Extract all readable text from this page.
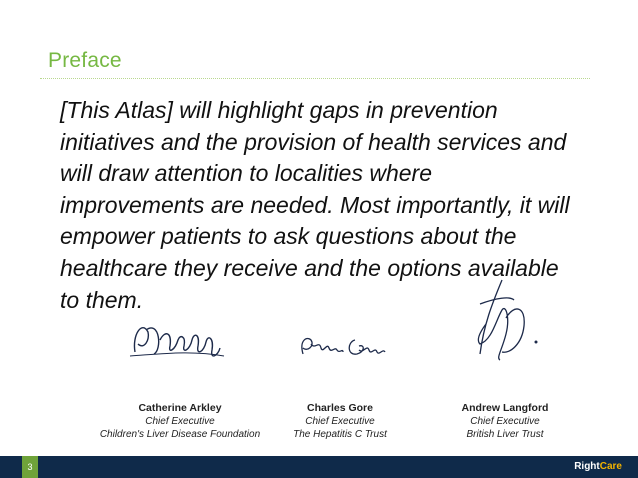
Preface
[This Atlas] will highlight gaps in prevention initiatives and the provision of health services and will draw attention to localities where improvements are needed. Most importantly, it will empower patients to ask questions about the healthcare they receive and the options available to them.
Catherine Arkley
Chief Executive
Children's Liver Disease Foundation
Charles Gore
Chief Executive
The Hepatitis C Trust
Andrew Langford
Chief Executive
British Liver Trust
3	RightCare
